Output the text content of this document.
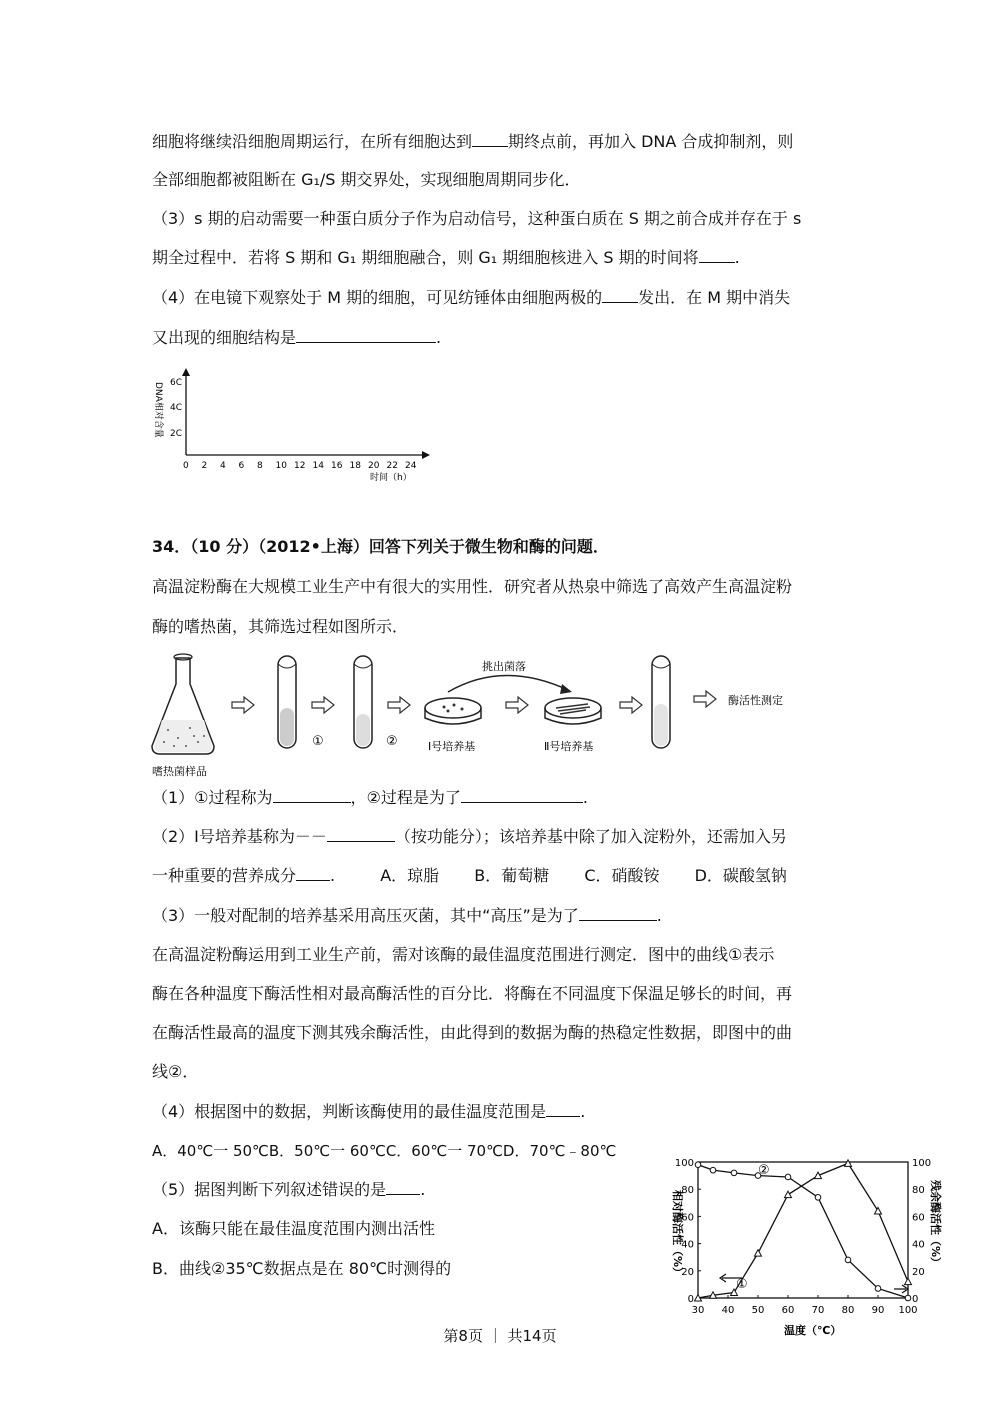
细胞将继续沿细胞周期运行，在所有细胞达到 期终点前，再加入 DNA 合成抑制剂，则
全部细胞都被阻断在 G₁/S 期交界处，实现细胞周期同步化．
（3）s 期的启动需要一种蛋白质分子作为启动信号，这种蛋白质在 S 期之前合成并存在于 s
期全过程中．若将 S 期和 G₁ 期细胞融合，则 G₁ 期细胞核进入 S 期的时间将 .
（4）在电镜下观察处于 M 期的细胞，可见纺锤体由细胞两极的 发出．在 M 期中消失
又出现的细胞结构是	.
DNA相对含量 6C
4C
2C
0 2 4 6 8 10 12 14 16 18 20 22 24
时间（h）
34．（10 分）（2012•上海）回答下列关于微生物和酶的问题．
高温淀粉酶在大规模工业生产中有很大的实用性．研究者从热泉中筛选了高效产生高温淀粉
酶的嗜热菌，其筛选过程如图所示．
嗜热菌样品
①	②	Ⅰ号培养基
挑出菌落
Ⅱ号培养基
酶活性测定
（1）①过程称为	，②过程是为了	.
（2）Ⅰ号培养基称为－－	（按功能分）；该培养基中除了加入淀粉外，还需加入另
一种重要的营养成分 .	A．琼脂 B．葡萄糖 C．硝酸铵 D．碳酸氢钠
（3）一般对配制的培养基采用高压灭菌，其中“高压”是为了	.
在高温淀粉酶运用到工业生产前，需对该酶的最佳温度范围进行测定．图中的曲线①表示
酶在各种温度下酶活性相对最高酶活性的百分比．将酶在不同温度下保温足够长的时间，再
在酶活性最高的温度下测其残余酶活性，由此得到的数据为酶的热稳定性数据，即图中的曲
线②．
（4）根据图中的数据，判断该酶使用的最佳温度范围是 .
A．40℃一 50℃B．50℃一 60℃C．60℃一 70℃D．70℃﹣80℃
（5）据图判断下列叙述错误的是 .
A．该酶只能在最佳温度范围内测出活性
B．曲线②35℃数据点是在 80℃时测得的
0
20
40
60
80
100
0
20
40
60
80
100
30 40 50 60 70 80 90 100
相对酶活性（%）	残余酶活性（%）
温度（℃）
①
②
第8页 ｜ 共14页
